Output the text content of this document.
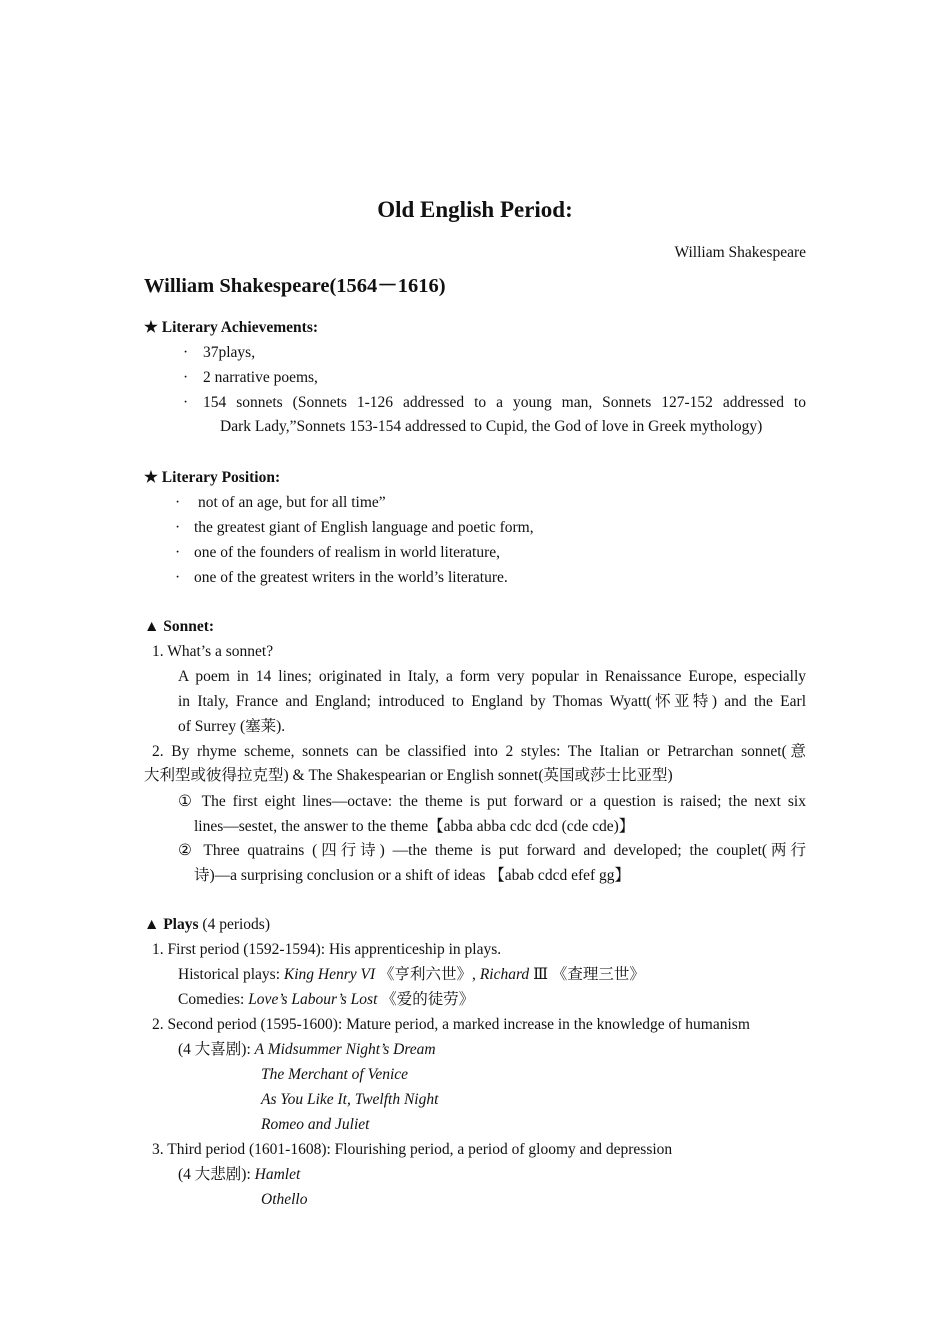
Old English Period:
William Shakespeare
William Shakespeare(1564－1616)
★ Literary Achievements:
· 37plays,
· 2 narrative poems,
· 154 sonnets (Sonnets 1-126 addressed to a young man, Sonnets 127-152 addressed to
Dark Lady,”Sonnets 153-154 addressed to Cupid, the God of love in Greek mythology)
★ Literary Position:
· not of an age, but for all time”
· the greatest giant of English language and poetic form,
· one of the founders of realism in world literature,
· one of the greatest writers in the world’s literature.
▲ Sonnet:
1. What’s a sonnet?
A poem in 14 lines; originated in Italy, a form very popular in Renaissance Europe, especially
in Italy, France and England; introduced to England by Thomas Wyatt(怀亚特) and the Earl
of Surrey (塞莱).
2. By rhyme scheme, sonnets can be classified into 2 styles: The Italian or Petrarchan sonnet(意
大利型或彼得拉克型) & The Shakespearian or English sonnet(英国或莎士比亚型)
① The first eight lines—octave: the theme is put forward or a question is raised; the next six
lines—sestet, the answer to the theme【abba abba cdc dcd (cde cde)】
② Three quatrains (四行诗) —the theme is put forward and developed; the couplet(两行
诗)—a surprising conclusion or a shift of ideas 【abab cdcd efef gg】
▲ Plays (4 periods)
1. First period (1592-1594): His apprenticeship in plays.
Historical plays: King Henry VI 《亨利六世》, Richard Ⅲ 《查理三世》
Comedies: Love’s Labour’s Lost 《爱的徒劳》
2. Second period (1595-1600): Mature period, a marked increase in the knowledge of humanism
(4 大喜剧): A Midsummer Night’s Dream
The Merchant of Venice
As You Like It, Twelfth Night
Romeo and Juliet
3. Third period (1601-1608): Flourishing period, a period of gloomy and depression
(4 大悲剧): Hamlet
Othello
